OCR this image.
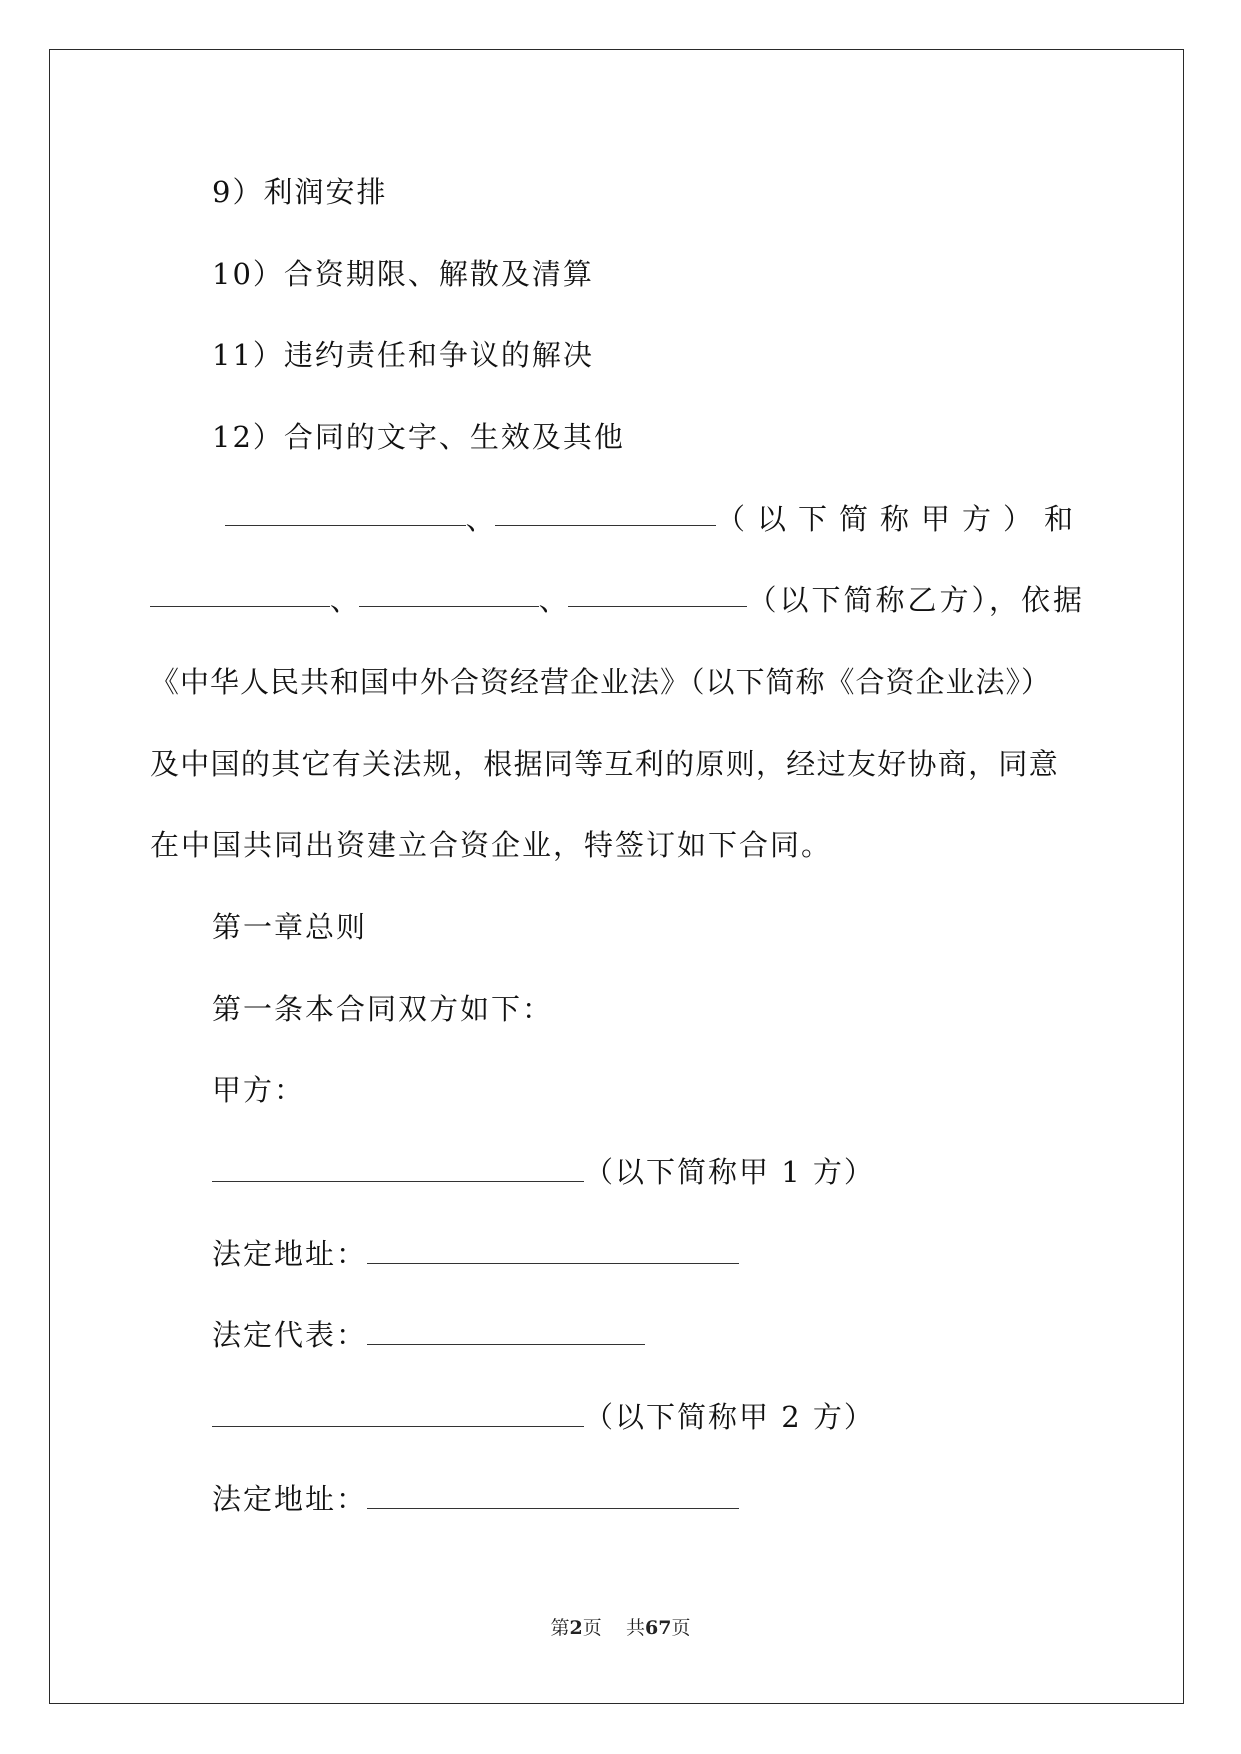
9）利润安排
10）合资期限、解散及清算
11）违约责任和争议的解决
12）合同的文字、生效及其他
、	（以下简称甲方）和
、	、	（以下简称乙方），依据
《中华人民共和国中外合资经营企业法》（以下简称《合资企业法》）
及中国的其它有关法规，根据同等互利的原则，经过友好协商，同意
在中国共同出资建立合资企业，特签订如下合同。
第一章总则
第一条本合同双方如下：
甲方：
（以下简称甲 1 方）
法定地址：
法定代表：
（以下简称甲 2 方）
法定地址：
第2页 共67页
